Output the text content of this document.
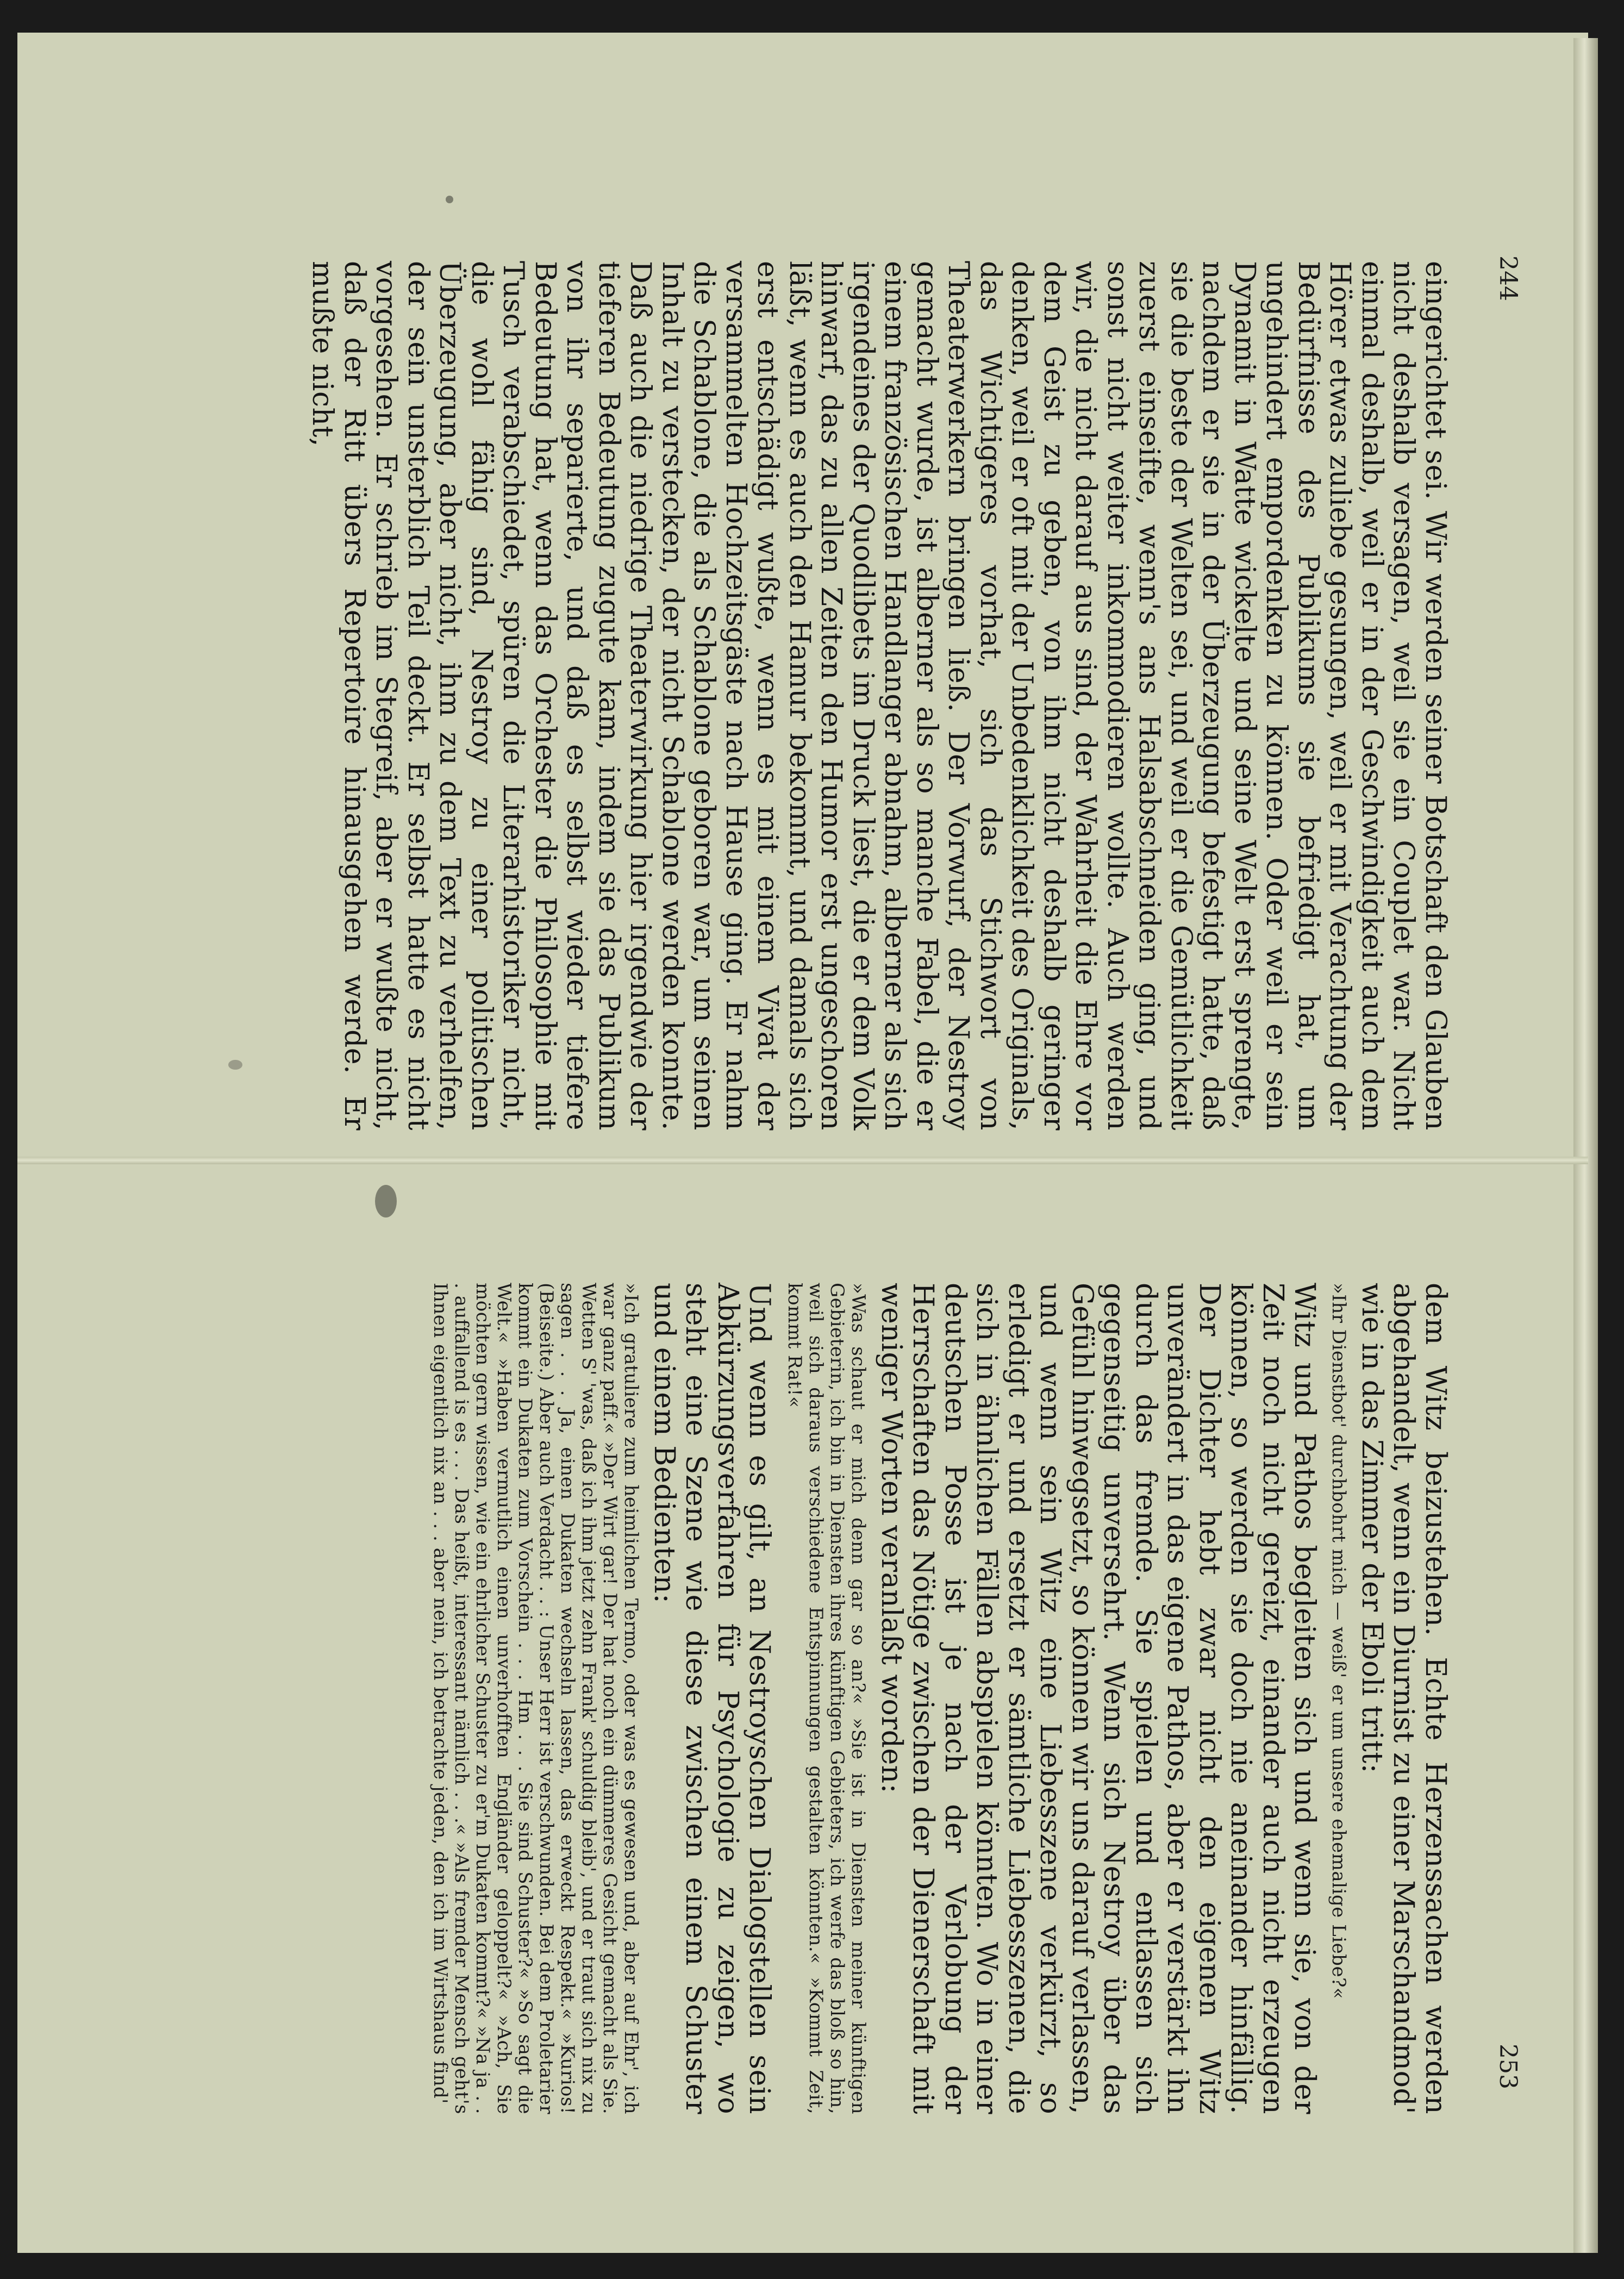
244

eingerichtet sei. Wir werden seiner Botschaft den Glauben nicht deshalb versagen, weil sie ein Couplet war. Nicht einmal deshalb, weil er in der Geschwindigkeit auch dem Hörer etwas zuliebe gesungen, weil er mit Verachtung der Bedürfnisse des Publikums sie befriedigt hat, um ungehindert empordenken zu können. Oder weil er sein Dynamit in Watte wickelte und seine Welt erst sprengte, nachdem er sie in der Überzeugung befestigt hatte, daß sie die beste der Welten sei, und weil er die Gemütlichkeit zuerst einseifte, wenn's ans Halsabschneiden ging, und sonst nicht weiter inkommodieren wollte. Auch werden wir, die nicht darauf aus sind, der Wahrheit die Ehre vor dem Geist zu geben, von ihm nicht deshalb geringer denken, weil er oft mit der Unbedenklichkeit des Originals, das Wichtigeres vorhat, sich das Stichwort von Theaterwerkern bringen ließ. Der Vorwurf, der Nestroy gemacht wurde, ist alberner als so manche Fabel, die er einem französischen Handlanger abnahm, alberner als sich irgendeines der Quodlibets im Druck liest, die er dem Volk hinwarf, das zu allen Zeiten den Humor erst ungeschoren läßt, wenn es auch den Hamur bekommt, und damals sich erst entschädigt wußte, wenn es mit einem Vivat der versammelten Hochzeitsgäste nach Hause ging. Er nahm die Schablone, die als Schablone geboren war, um seinen Inhalt zu verstecken, der nicht Schablone werden konnte. Daß auch die niedrige Theaterwirkung hier irgendwie der tieferen Bedeutung zugute kam, indem sie das Publikum von ihr separierte, und daß es selbst wieder tiefere Bedeutung hat, wenn das Orchester die Philosophie mit Tusch verabschiedet, spüren die Literarhistoriker nicht, die wohl fähig sind, Nestroy zu einer politischen Überzeugung, aber nicht, ihm zu dem Text zu verhelfen, der sein unsterblich Teil deckt. Er selbst hatte es nicht vorgesehen. Er schrieb im Stegreif, aber er wußte nicht, daß der Ritt übers Repertoire hinausgehen werde. Er mußte nicht,

dem Witz beizustehen. Echte Herzenssachen werden abgehandelt, wenn ein Diurnist zu einer Marschandmod' wie in das Zimmer der Eboli tritt:

»Ihr Dienstbot' durchbohrt mich — weiß' er um unsere ehemalige Liebe?«

Witz und Pathos begleiten sich und wenn sie, von der Zeit noch nicht gereizt, einander auch nicht erzeugen können, so werden sie doch nie aneinander hinfällig. Der Dichter hebt zwar nicht den eigenen Witz unverändert in das eigene Pathos, aber er verstärkt ihn durch das fremde. Sie spielen und entlassen sich gegenseitig unversehrt. Wenn sich Nestroy über das Gefühl hinwegsetzt, so können wir uns darauf verlassen, und wenn sein Witz eine Liebesszene verkürzt, so erledigt er und ersetzt er sämtliche Liebesszenen, die sich in ähnlichen Fällen abspielen könnten. Wo in einer deutschen Posse ist je nach der Verlobung der Herrschaften das Nötige zwischen der Dienerschaft mit weniger Worten veranlaßt worden:

»Was schaut er mich denn gar so an?« »Sie ist in Diensten meiner künftigen Gebieterin, ich bin in Diensten ihres künftigen Gebieters, ich werfe das bloß so hin, weil sich daraus verschiedene Entspinnungen gestalten könnten.« »Kommt Zeit, kommt Rat!«

Und wenn es gilt, an Nestroyschen Dialogstellen sein Abkürzungsverfahren für Psychologie zu zeigen, wo steht eine Szene wie diese zwischen einem Schuster und einem Bedienten:

»Ich gratuliere zum heimlichen Termo, oder was es gewesen und, aber auf Ehr', ich war ganz paff.« »Der Wirt gar! Der hat noch ein dümmeres Gesicht gemacht als Sie. Wetten S' 'was, daß ich ihm jetzt zehn Frank' schuldig bleib', und er traut sich nix zu sagen . . . Ja, einen Dukaten wechseln lassen, das erweckt Respekt.« »Kurios! (Beiseite.) Aber auch Verdacht . . : Unser Herr ist verschwunden. Bei dem Proletarier kommt ein Dukaten zum Vorschein . . . Hm . . . Sie sind Schuster?« »So sagt die Welt.« »Haben vermutlich einen unverhofften Engländer geloppelt?« »Ach, Sie möchten gern wissen, wie ein ehrlicher Schuster zu er'm Dukaten kommt?« »Na ja . . . auffallend is es . . . Das heißt, interessant nämlich . . .« »Als fremder Mensch geht's Ihnen eigentlich nix an . . . aber nein, ich betrachte jeden, den ich im Wirtshaus find'	253
